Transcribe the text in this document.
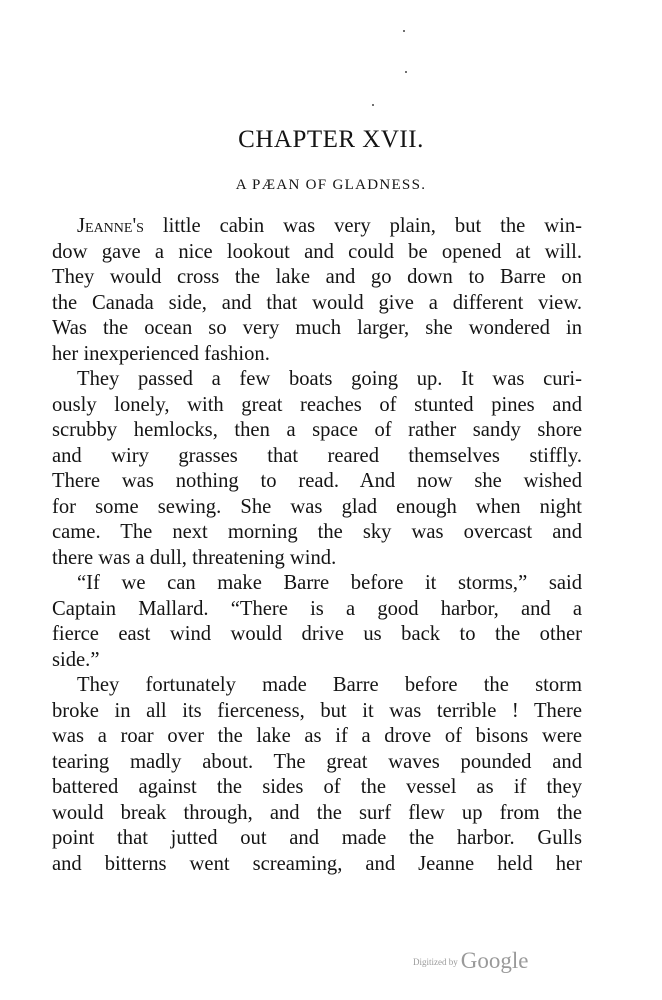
CHAPTER XVII.
A PÆAN OF GLADNESS.
Jeanne's little cabin was very plain, but the win-
dow gave a nice lookout and could be opened at will.
They would cross the lake and go down to Barre on
the Canada side, and that would give a different view.
Was the ocean so very much larger, she wondered in
her inexperienced fashion.
They passed a few boats going up. It was curi-
ously lonely, with great reaches of stunted pines and
scrubby hemlocks, then a space of rather sandy shore
and wiry grasses that reared themselves stiffly.
There was nothing to read. And now she wished
for some sewing. She was glad enough when night
came. The next morning the sky was overcast and
there was a dull, threatening wind.
“If we can make Barre before it storms,” said
Captain Mallard. “There is a good harbor, and a
fierce east wind would drive us back to the other
side.”
They fortunately made Barre before the storm
broke in all its fierceness, but it was terrible ! There
was a roar over the lake as if a drove of bisons were
tearing madly about. The great waves pounded and
battered against the sides of the vessel as if they
would break through, and the surf flew up from the
point that jutted out and made the harbor. Gulls
and bitterns went screaming, and Jeanne held her
Digitized by Google
